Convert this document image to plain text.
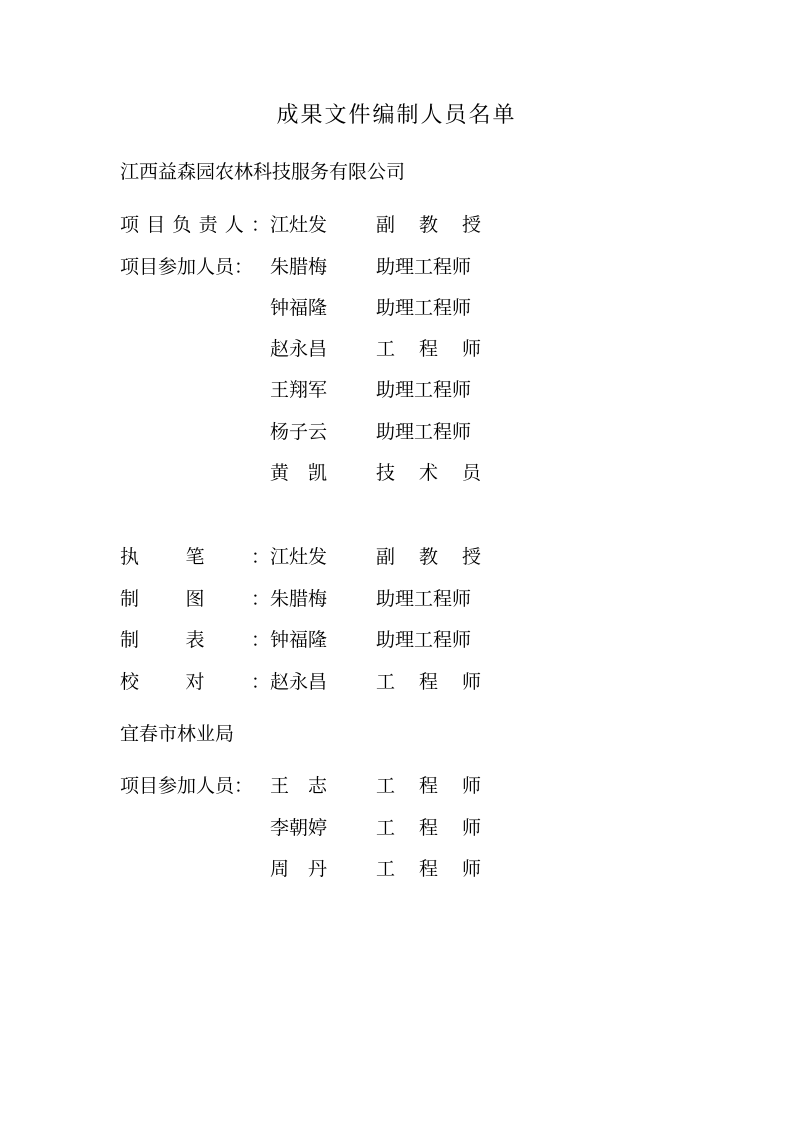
成果文件编制人员名单
江西益森园农林科技服务有限公司
项 目 负 责 人 ： 江灶发	副 教 授
项目参加人员： 朱腊梅	助理工程师
钟福隆	助理工程师
赵永昌	工 程 师
王翔军	助理工程师
杨子云	助理工程师
黄 凯	技 术 员
执 笔 ： 江灶发	副 教 授
制 图 ： 朱腊梅	助理工程师
制 表 ： 钟福隆	助理工程师
校 对 ： 赵永昌	工 程 师
宜春市林业局
项目参加人员： 王 志	工 程 师
李朝婷	工 程 师
周 丹	工 程 师
